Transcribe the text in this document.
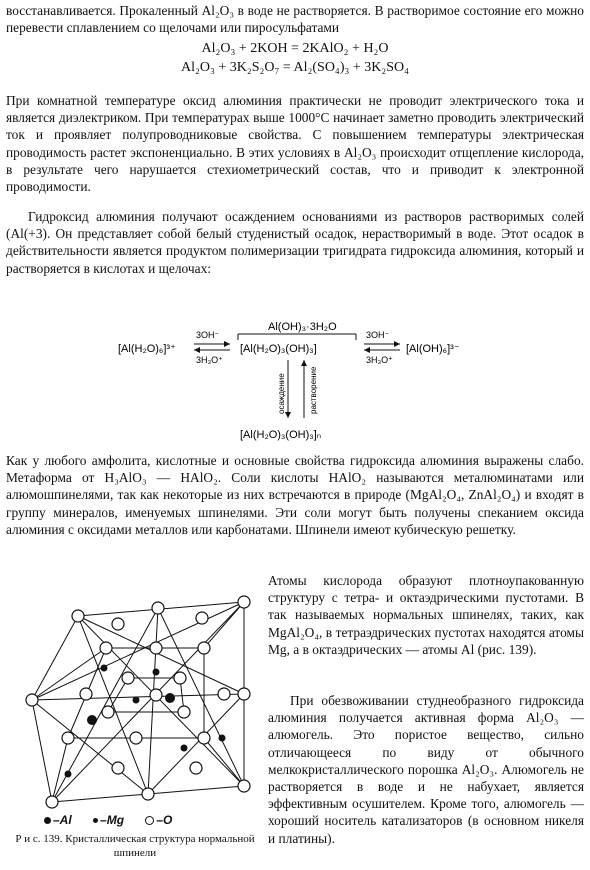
восстанавливается. Прокаленный Al₂O₃ в воде не растворяется. В растворимое состояние его можно перевести сплавлением со щелочами или пиросульфатами

Al₂O₃ + 2KOH = 2KAlO₂ + H₂O
Al₂O₃ + 3K₂S₂O₇ = Al₂(SO₄)₃ + 3K₂SO₄

При комнатной температуре оксид алюминия практически не проводит электрического тока и является диэлектриком. При температурах выше 1000°C начинает заметно проводить электрический ток и проявляет полупроводниковые свойства. С повышением температуры электрическая проводимость растет экспоненциально. В этих условиях в Al₂O₃ происходит отщепление кислорода, в результате чего нарушается стехиометрический состав, что и приводит к электронной проводимости.

Гидроксид алюминия получают осаждением основаниями из растворов растворимых солей (Al(+3). Он представляет собой белый студенистый осадок, нерастворимый в воде. Этот осадок в действительности является продуктом полимеризации тригидрата гидроксида алюминия, который и растворяется в кислотах и щелочах:

[Al(H₂O)₆]³⁺
3OH⁻
3H₃O⁺
Al(OH)₃·3H₂O
[Al(H₂O)₃(OH)₃]
3OH⁻
3H₃O⁺
[Al(OH)₆]³⁻
осаждение	растворение
[Al(H₂O)₃(OH)₃]ₙ

Как у любого амфолита, кислотные и основные свойства гидроксида алюминия выражены слабо. Метаформа от H₃AlO₃ — HAlO₂. Соли кислоты HAlO₂ называются металюминатами или алюмошпинелями, так как некоторые из них встречаются в природе (MgAl₂O₄, ZnAl₂O₄) и входят в группу минералов, именуемых шпинелями. Эти соли могут быть получены спеканием оксида алюминия с оксидами металлов или карбонатами. Шпинели имеют кубическую решетку.

Атомы кислорода образуют плотноупакованную структуру с тетра- и октаэдрическими пустотами. В так называемых нормальных шпинелях, таких, как MgAl₂O₄, в тетраэдрических пустотах находятся атомы Mg, а в октаэдрических — атомы Al (рис. 139).

При обезвоживании студнеобразного гидроксида алюминия получается активная форма Al₂O₃ — алюмогель. Это пористое вещество, сильно отличающееся по виду от обычного мелкокристаллического порошка Al₂O₃. Алюмогель не растворяется в воде и не набухает, является эффективным осушителем. Кроме того, алюмогель — хороший носитель катализаторов (в основном никеля и платины).

–Al –Mg	–O
Р и с. 139. Кристаллическая структура нормальной шпинели
